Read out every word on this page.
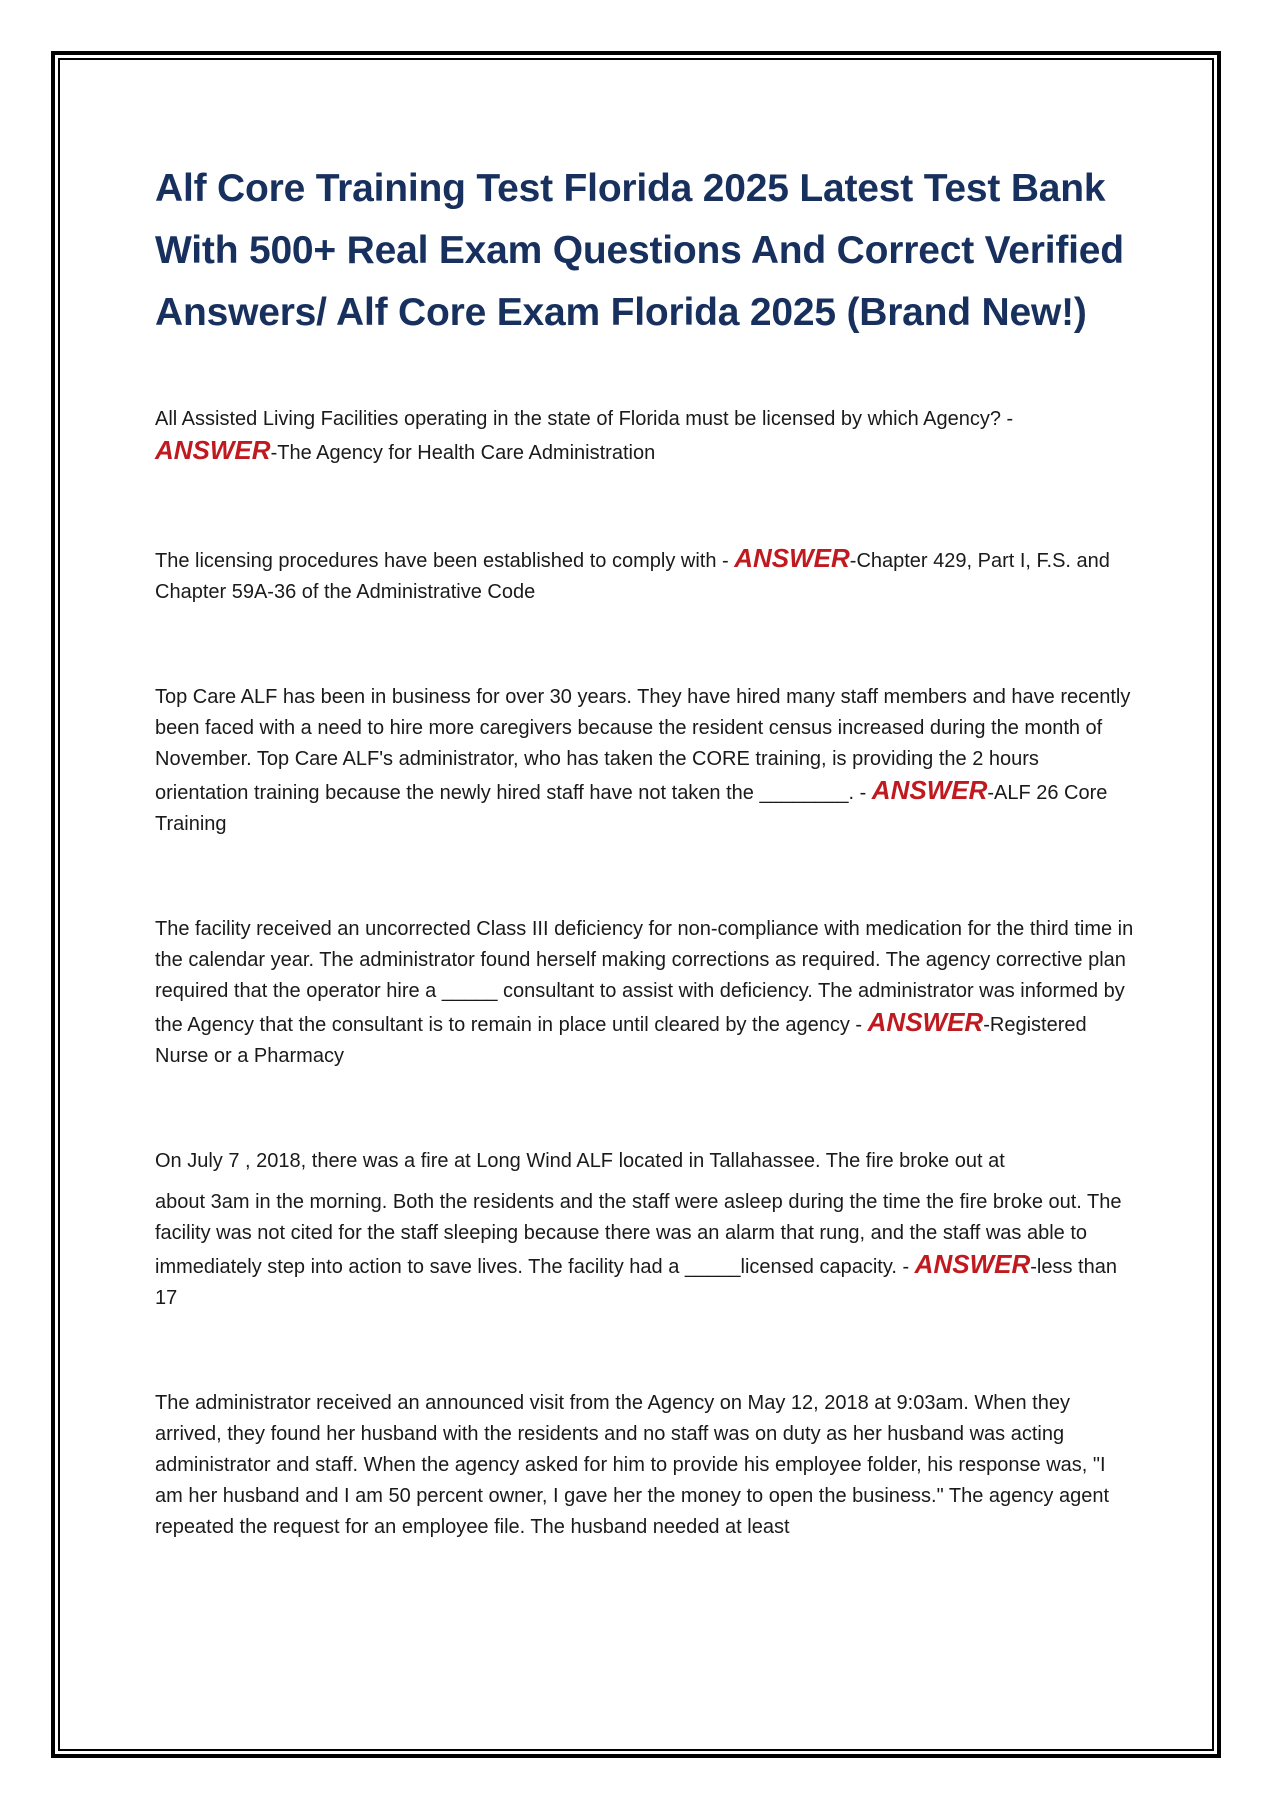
Alf Core Training Test Florida 2025 Latest Test Bank With 500+ Real Exam Questions And Correct Verified Answers/ Alf Core Exam Florida 2025 (Brand New!)

All Assisted Living Facilities operating in the state of Florida must be licensed by which Agency? - ANSWER-The Agency for Health Care Administration

The licensing procedures have been established to comply with - ANSWER-Chapter 429, Part I, F.S. and Chapter 59A-36 of the Administrative Code

Top Care ALF has been in business for over 30 years. They have hired many staff members and have recently been faced with a need to hire more caregivers because the resident census increased during the month of November. Top Care ALF's administrator, who has taken the CORE training, is providing the 2 hours orientation training because the newly hired staff have not taken the ________. - ANSWER-ALF 26 Core Training

The facility received an uncorrected Class III deficiency for non-compliance with medication for the third time in the calendar year. The administrator found herself making corrections as required. The agency corrective plan required that the operator hire a _____ consultant to assist with deficiency. The administrator was informed by the Agency that the consultant is to remain in place until cleared by the agency - ANSWER-Registered Nurse or a Pharmacy

On July 7 , 2018, there was a fire at Long Wind ALF located in Tallahassee. The fire broke out at
about 3am in the morning. Both the residents and the staff were asleep during the time the fire broke out. The facility was not cited for the staff sleeping because there was an alarm that rung, and the staff was able to immediately step into action to save lives. The facility had a _____licensed capacity. - ANSWER-less than 17

The administrator received an announced visit from the Agency on May 12, 2018 at 9:03am. When they arrived, they found her husband with the residents and no staff was on duty as her husband was acting administrator and staff. When the agency asked for him to provide his employee folder, his response was, "I am her husband and I am 50 percent owner, I gave her the money to open the business." The agency agent repeated the request for an employee file. The husband needed at least
